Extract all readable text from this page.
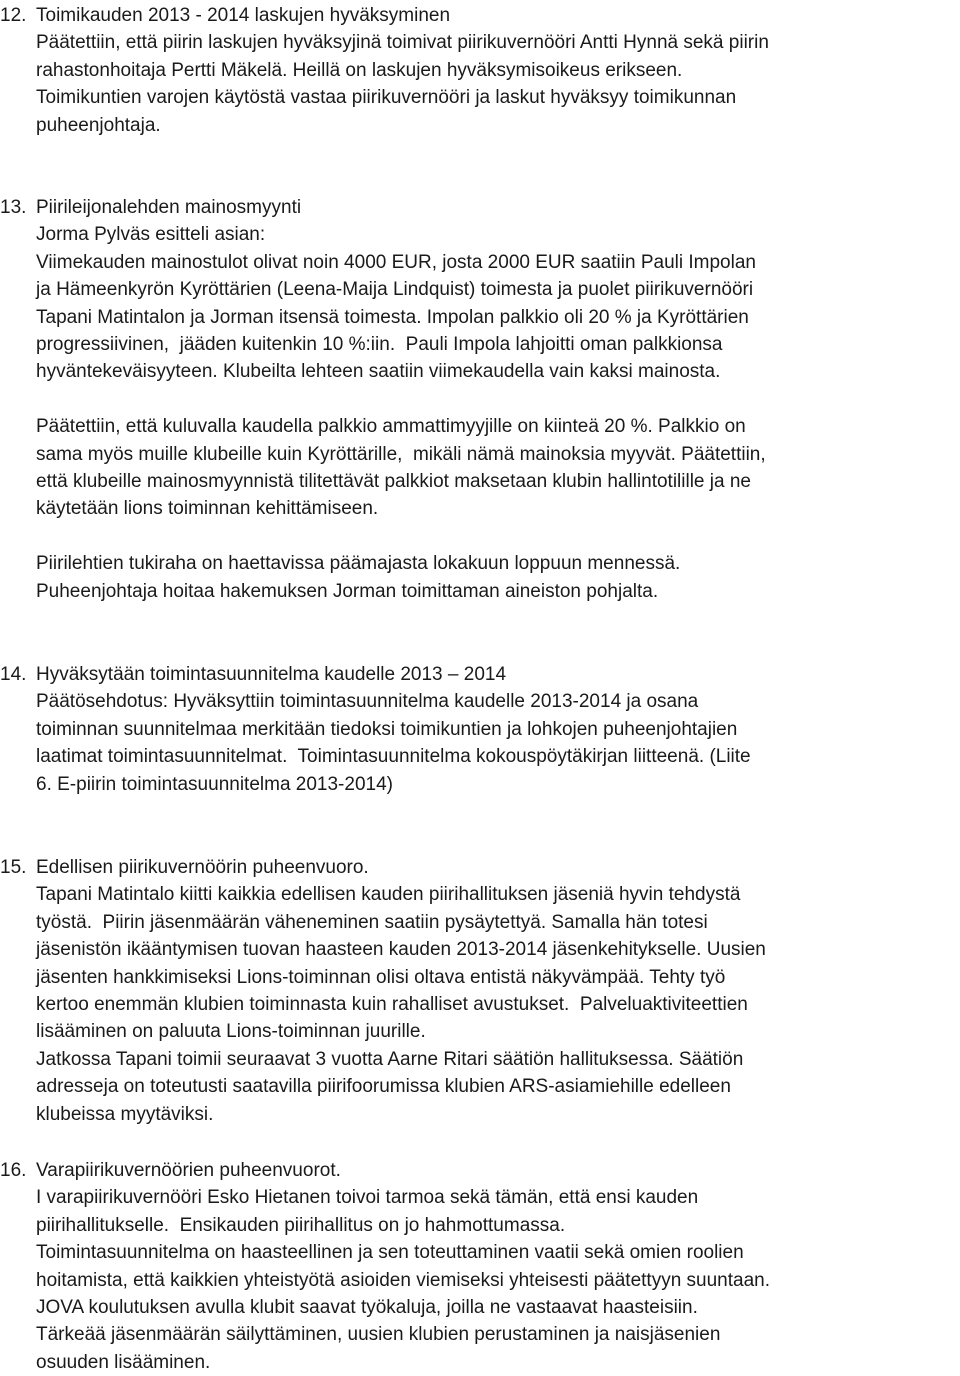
12. Toimikauden 2013 - 2014 laskujen hyväksyminen
Päätettiin, että piirin laskujen hyväksyjinä toimivat piirikuvernööri Antti Hynnä sekä piirin
rahastonhoitaja Pertti Mäkelä. Heillä on laskujen hyväksymisoikeus erikseen.
Toimikuntien varojen käytöstä vastaa piirikuvernööri ja laskut hyväksyy toimikunnan
puheenjohtaja.
13. Piirileijonalehden mainosmyynti
Jorma Pylväs esitteli asian:
Viimekauden mainostulot olivat noin 4000 EUR, josta 2000 EUR saatiin Pauli Impolan
ja Hämeenkyrön Kyröttärien (Leena-Maija Lindquist) toimesta ja puolet piirikuvernööri
Tapani Matintalon ja Jorman itsensä toimesta. Impolan palkkio oli 20 % ja Kyröttärien
progressiivinen,  jääden kuitenkin 10 %:iin.  Pauli Impola lahjoitti oman palkkionsa
hyväntekeväisyyteen. Klubeilta lehteen saatiin viimekaudella vain kaksi mainosta.
Päätettiin, että kuluvalla kaudella palkkio ammattimyyjille on kiinteä 20 %. Palkkio on
sama myös muille klubeille kuin Kyröttärille,  mikäli nämä mainoksia myyvät. Päätettiin,
että klubeille mainosmyynnistä tilitettävät palkkiot maksetaan klubin hallintotilille ja ne
käytetään lions toiminnan kehittämiseen.
Piirilehtien tukiraha on haettavissa päämajasta lokakuun loppuun mennessä.
Puheenjohtaja hoitaa hakemuksen Jorman toimittaman aineiston pohjalta.
14. Hyväksytään toimintasuunnitelma kaudelle 2013 – 2014
Päätösehdotus: Hyväksyttiin toimintasuunnitelma kaudelle 2013-2014 ja osana
toiminnan suunnitelmaa merkitään tiedoksi toimikuntien ja lohkojen puheenjohtajien
laatimat toimintasuunnitelmat.  Toimintasuunnitelma kokouspöytäkirjan liitteenä. (Liite
6. E-piirin toimintasuunnitelma 2013-2014)
15. Edellisen piirikuvernöörin puheenvuoro.
Tapani Matintalo kiitti kaikkia edellisen kauden piirihallituksen jäseniä hyvin tehdystä
työstä.  Piirin jäsenmäärän väheneminen saatiin pysäytettyä. Samalla hän totesi
jäsenistön ikääntymisen tuovan haasteen kauden 2013-2014 jäsenkehitykselle. Uusien
jäsenten hankkimiseksi Lions-toiminnan olisi oltava entistä näkyvämpää. Tehty työ
kertoo enemmän klubien toiminnasta kuin rahalliset avustukset.  Palveluaktiviteettien
lisääminen on paluuta Lions-toiminnan juurille.
Jatkossa Tapani toimii seuraavat 3 vuotta Aarne Ritari säätiön hallituksessa. Säätiön
adresseja on toteutusti saatavilla piirifoorumissa klubien ARS-asiamiehille edelleen
klubeissa myytäviksi.
16. Varapiirikuvernöörien puheenvuorot.
I varapiirikuvernööri Esko Hietanen toivoi tarmoa sekä tämän, että ensi kauden
piirihallitukselle.  Ensikauden piirihallitus on jo hahmottumassa.
Toimintasuunnitelma on haasteellinen ja sen toteuttaminen vaatii sekä omien roolien
hoitamista, että kaikkien yhteistyötä asioiden viemiseksi yhteisesti päätettyyn suuntaan.
JOVA koulutuksen avulla klubit saavat työkaluja, joilla ne vastaavat haasteisiin.
Tärkeää jäsenmäärän säilyttäminen, uusien klubien perustaminen ja naisjäsenien
osuuden lisääminen.
